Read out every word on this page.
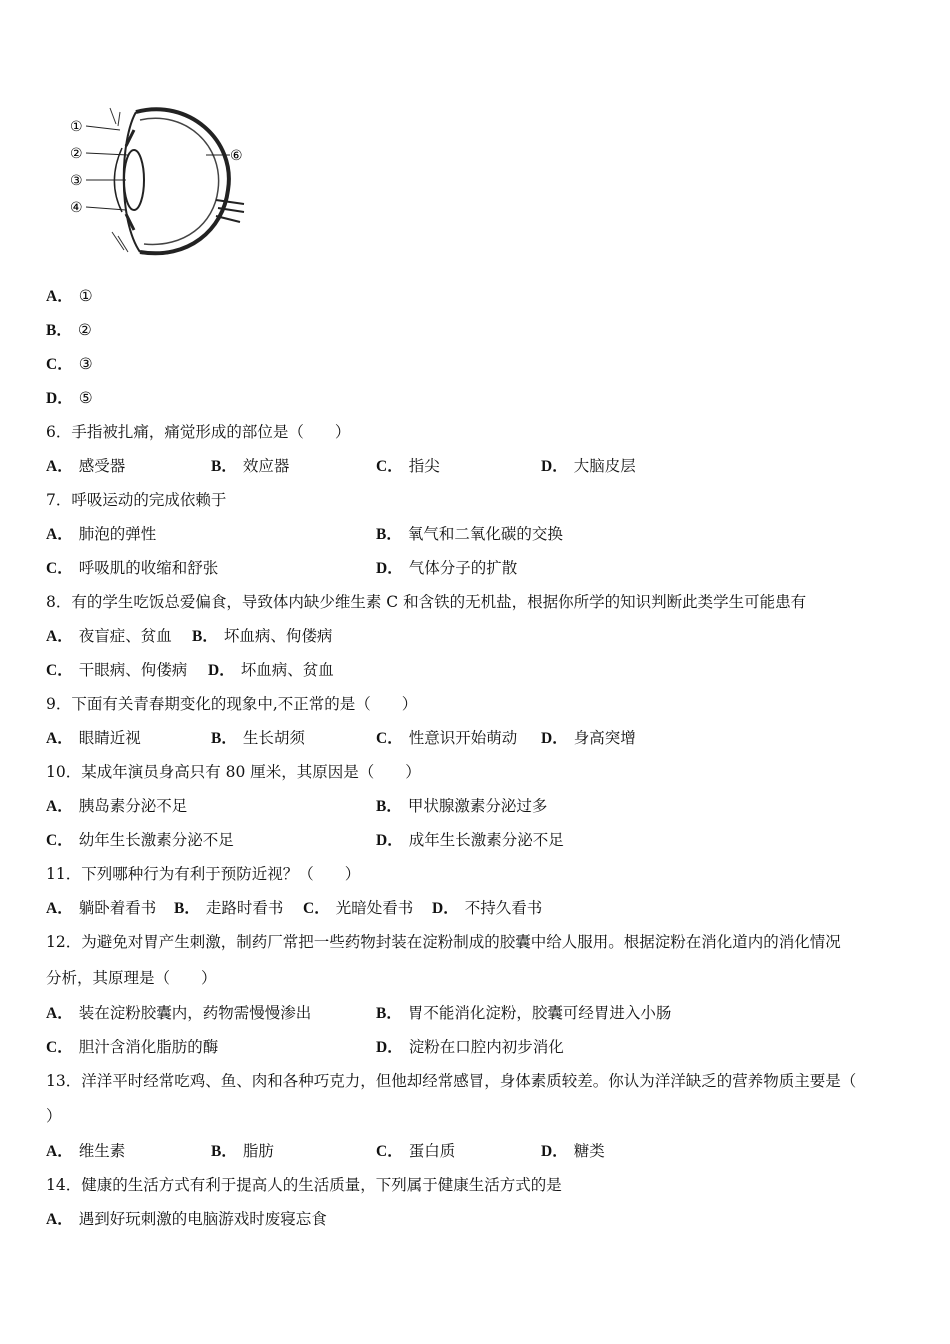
①
②
③
④
⑥
A． ①
B． ②
C． ③
D． ⑤
6．手指被扎痛，痛觉形成的部位是（　　）
A． 感受器	B． 效应器	C． 指尖	D． 大脑皮层
7．呼吸运动的完成依赖于
A． 肺泡的弹性	B． 氧气和二氧化碳的交换
C． 呼吸肌的收缩和舒张	D． 气体分子的扩散
8．有的学生吃饭总爱偏食，导致体内缺少维生素 C 和含铁的无机盐，根据你所学的知识判断此类学生可能患有
A． 夜盲症、贫血 B． 坏血病、佝偻病
C． 干眼病、佝偻病 D． 坏血病、贫血
9．下面有关青春期变化的现象中,不正常的是（　　）
A． 眼睛近视	B． 生长胡须	C． 性意识开始萌动 D． 身高突增
10．某成年演员身高只有 80 厘米，其原因是（　　）
A． 胰岛素分泌不足	B． 甲状腺激素分泌过多
C． 幼年生长激素分泌不足	D． 成年生长激素分泌不足
11．下列哪种行为有利于预防近视？（　　）
A． 躺卧着看书 B． 走路时看书 C． 光暗处看书 D． 不持久看书
12．为避免对胃产生刺激，制药厂常把一些药物封装在淀粉制成的胶囊中给人服用。根据淀粉在消化道内的消化情况
分析，其原理是（　　）
A． 装在淀粉胶囊内，药物需慢慢渗出	B． 胃不能消化淀粉，胶囊可经胃进入小肠
C． 胆汁含消化脂肪的酶	D． 淀粉在口腔内初步消化
13．洋洋平时经常吃鸡、鱼、肉和各种巧克力，但他却经常感冒，身体素质较差。你认为洋洋缺乏的营养物质主要是（
）
A． 维生素	B． 脂肪	C． 蛋白质	D． 糖类
14．健康的生活方式有利于提高人的生活质量，下列属于健康生活方式的是
A． 遇到好玩刺激的电脑游戏时废寝忘食
